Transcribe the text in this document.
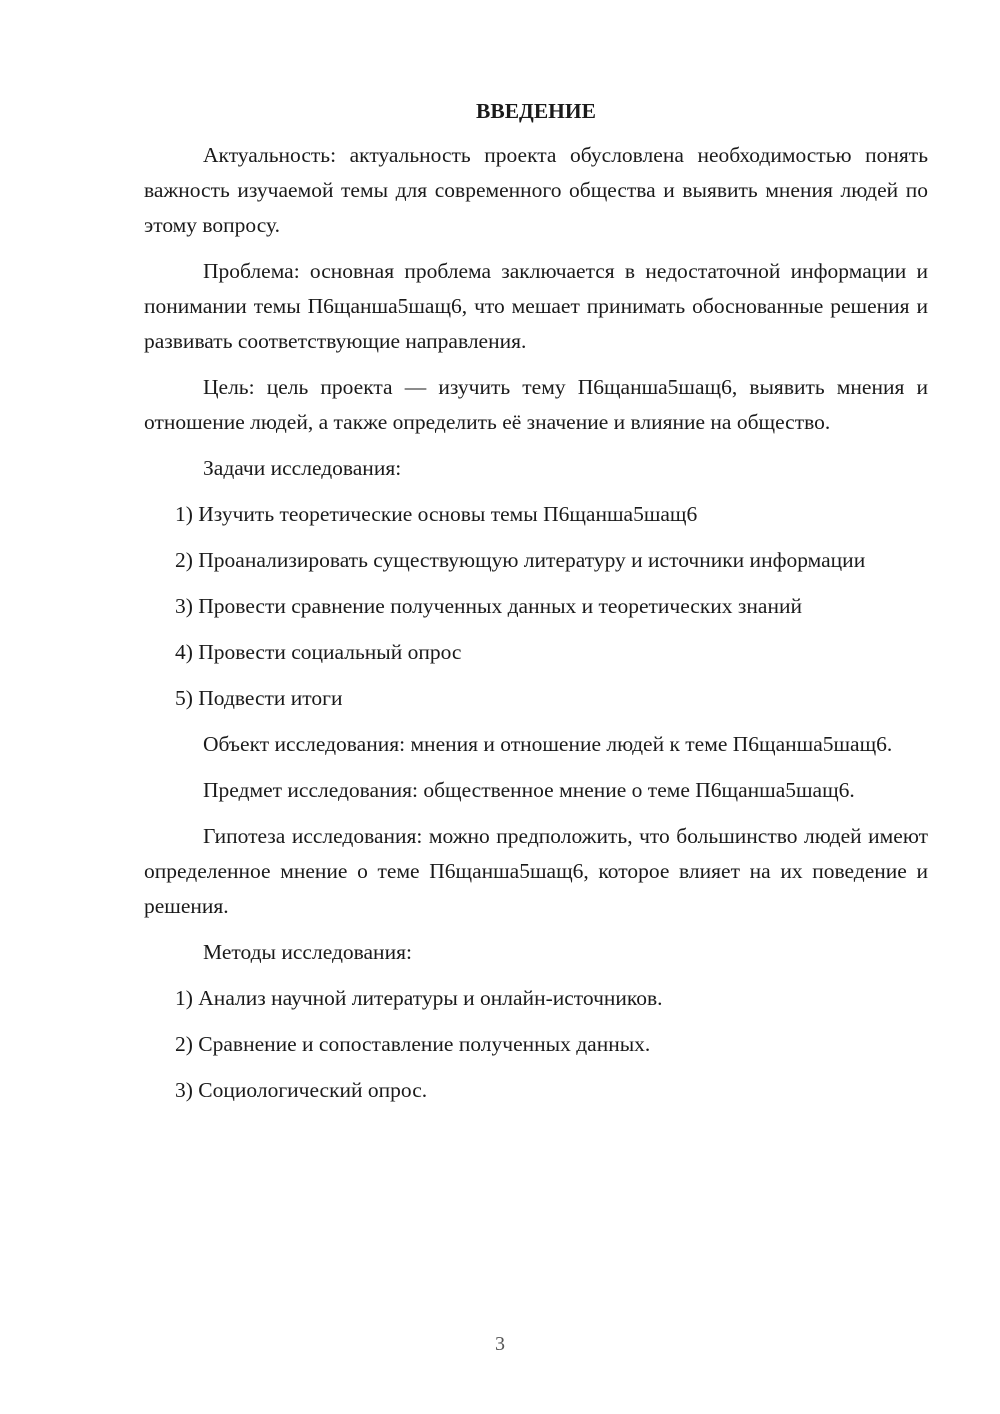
ВВЕДЕНИЕ

Актуальность: актуальность проекта обусловлена необходимостью понять важность изучаемой темы для современного общества и выявить мнения людей по этому вопросу.

Проблема: основная проблема заключается в недостаточной информации и понимании темы П6щанша5шащ6, что мешает принимать обоснованные решения и развивать соответствующие направления.

Цель: цель проекта — изучить тему П6щанша5шащ6, выявить мнения и отношение людей, а также определить её значение и влияние на общество.

Задачи исследования:

1) Изучить теоретические основы темы П6щанша5шащ6

2) Проанализировать существующую литературу и источники информации

3) Провести сравнение полученных данных и теоретических знаний

4) Провести социальный опрос

5) Подвести итоги

Объект исследования: мнения и отношение людей к теме П6щанша5шащ6.

Предмет исследования: общественное мнение о теме П6щанша5шащ6.

Гипотеза исследования: можно предположить, что большинство людей имеют определенное мнение о теме П6щанша5шащ6, которое влияет на их поведение и решения.

Методы исследования:

1) Анализ научной литературы и онлайн-источников.

2) Сравнение и сопоставление полученных данных.

3) Социологический опрос.

3
